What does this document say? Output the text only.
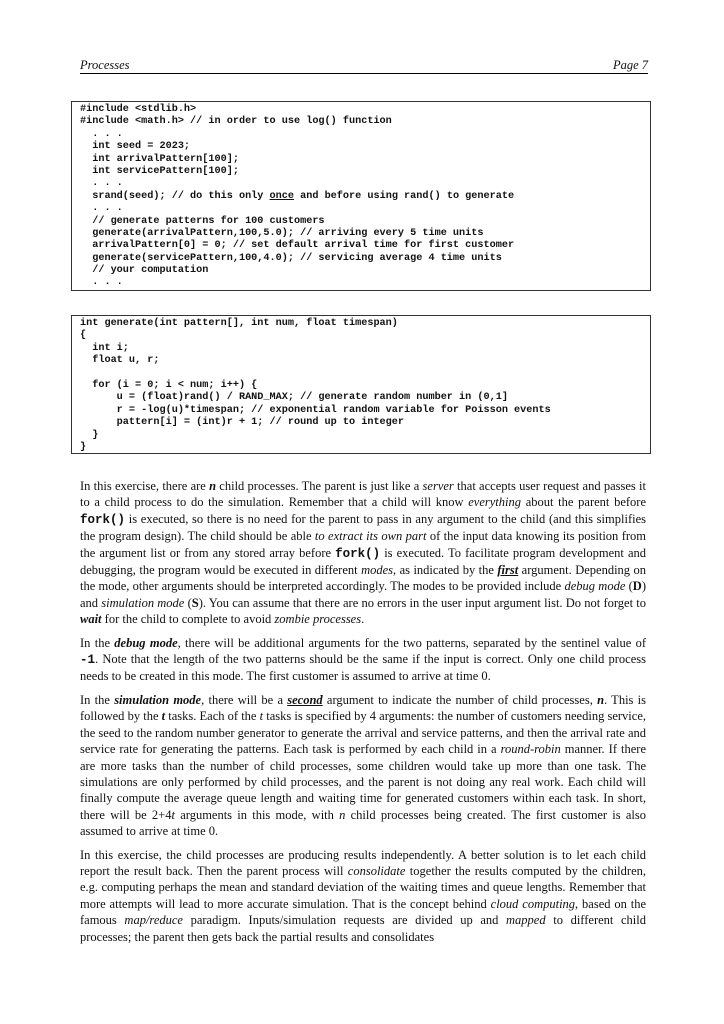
Processes	Page 7
#include <stdlib.h>
#include <math.h> // in order to use log() function
. . .
int seed = 2023;
int arrivalPattern[100];
int servicePattern[100];
. . .
srand(seed); // do this only once and before using rand() to generate
. . .
// generate patterns for 100 customers
generate(arrivalPattern,100,5.0); // arriving every 5 time units
arrivalPattern[0] = 0; // set default arrival time for first customer
generate(servicePattern,100,4.0); // servicing average 4 time units
// your computation
. . .
int generate(int pattern[], int num, float timespan)
{
int i;
float u, r;

for (i = 0; i < num; i++) {
u = (float)rand() / RAND_MAX; // generate random number in (0,1]
r = -log(u)*timespan; // exponential random variable for Poisson events
pattern[i] = (int)r + 1; // round up to integer
}
}

In this exercise, there are n child processes. The parent is just like a server that accepts user request and passes it to a child process to do the simulation. Remember that a child will know everything about the parent before fork() is executed, so there is no need for the parent to pass in any argument to the child (and this simplifies the program design). The child should be able to extract its own part of the input data knowing its position from the argument list or from any stored array before fork() is executed. To facilitate program development and debugging, the program would be executed in different modes, as indicated by the first argument. Depending on the mode, other arguments should be interpreted accordingly. The modes to be provided include debug mode (D) and simulation mode (S). You can assume that there are no errors in the user input argument list. Do not forget to wait for the child to complete to avoid zombie processes.

In the debug mode, there will be additional arguments for the two patterns, separated by the sentinel value of -1. Note that the length of the two patterns should be the same if the input is correct. Only one child process needs to be created in this mode. The first customer is assumed to arrive at time 0.

In the simulation mode, there will be a second argument to indicate the number of child processes, n. This is followed by the t tasks. Each of the t tasks is specified by 4 arguments: the number of customers needing service, the seed to the random number generator to generate the arrival and service patterns, and then the arrival rate and service rate for generating the patterns. Each task is performed by each child in a round-robin manner. If there are more tasks than the number of child processes, some children would take up more than one task. The simulations are only performed by child processes, and the parent is not doing any real work. Each child will finally compute the average queue length and waiting time for generated customers within each task. In short, there will be 2+4t arguments in this mode, with n child processes being created. The first customer is also assumed to arrive at time 0.

In this exercise, the child processes are producing results independently. A better solution is to let each child report the result back. Then the parent process will consolidate together the results computed by the children, e.g. computing perhaps the mean and standard deviation of the waiting times and queue lengths. Remember that more attempts will lead to more accurate simulation. That is the concept behind cloud computing, based on the famous map/reduce paradigm. Inputs/simulation requests are divided up and mapped to different child processes; the parent then gets back the partial results and consolidates
